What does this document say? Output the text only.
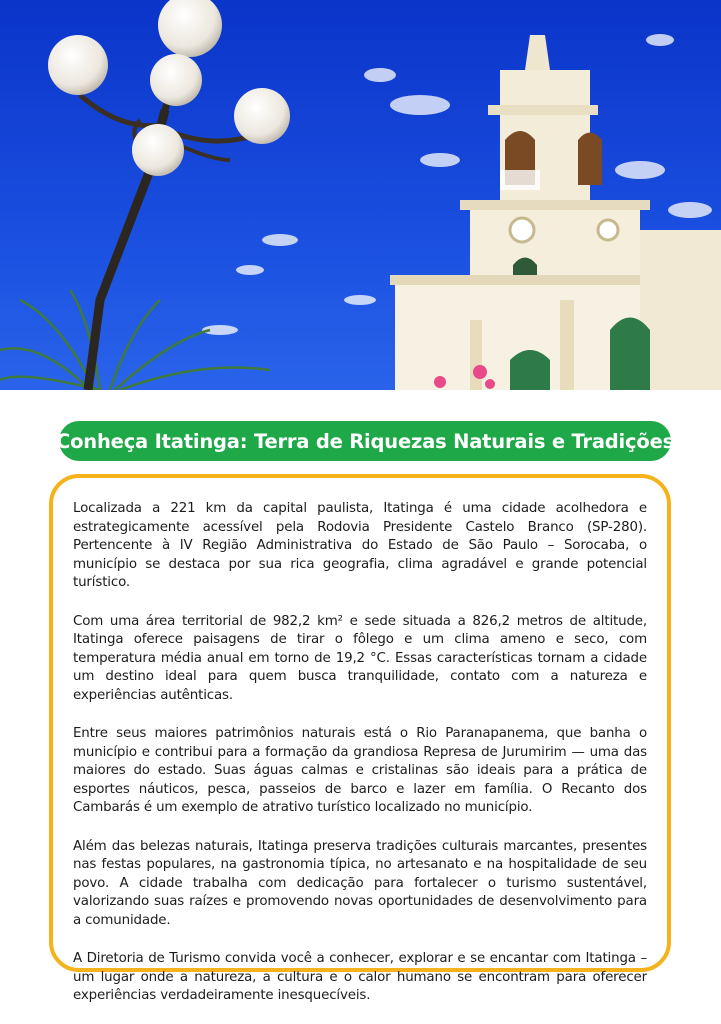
Conheça Itatinga: Terra de Riquezas Naturais e Tradições

Localizada a 221 km da capital paulista, Itatinga é uma cidade acolhedora e estrategicamente acessível pela Rodovia Presidente Castelo Branco (SP-280). Pertencente à IV Região Administrativa do Estado de São Paulo – Sorocaba, o município se destaca por sua rica geografia, clima agradável e grande potencial turístico.

Com uma área territorial de 982,2 km² e sede situada a 826,2 metros de altitude, Itatinga oferece paisagens de tirar o fôlego e um clima ameno e seco, com temperatura média anual em torno de 19,2 °C. Essas características tornam a cidade um destino ideal para quem busca tranquilidade, contato com a natureza e experiências autênticas.

Entre seus maiores patrimônios naturais está o Rio Paranapanema, que banha o município e contribui para a formação da grandiosa Represa de Jurumirim — uma das maiores do estado. Suas águas calmas e cristalinas são ideais para a prática de esportes náuticos, pesca, passeios de barco e lazer em família. O Recanto dos Cambarás é um exemplo de atrativo turístico localizado no município.

Além das belezas naturais, Itatinga preserva tradições culturais marcantes, presentes nas festas populares, na gastronomia típica, no artesanato e na hospitalidade de seu povo. A cidade trabalha com dedicação para fortalecer o turismo sustentável, valorizando suas raízes e promovendo novas oportunidades de desenvolvimento para a comunidade.

A Diretoria de Turismo convida você a conhecer, explorar e se encantar com Itatinga – um lugar onde a natureza, a cultura e o calor humano se encontram para oferecer experiências verdadeiramente inesquecíveis.
